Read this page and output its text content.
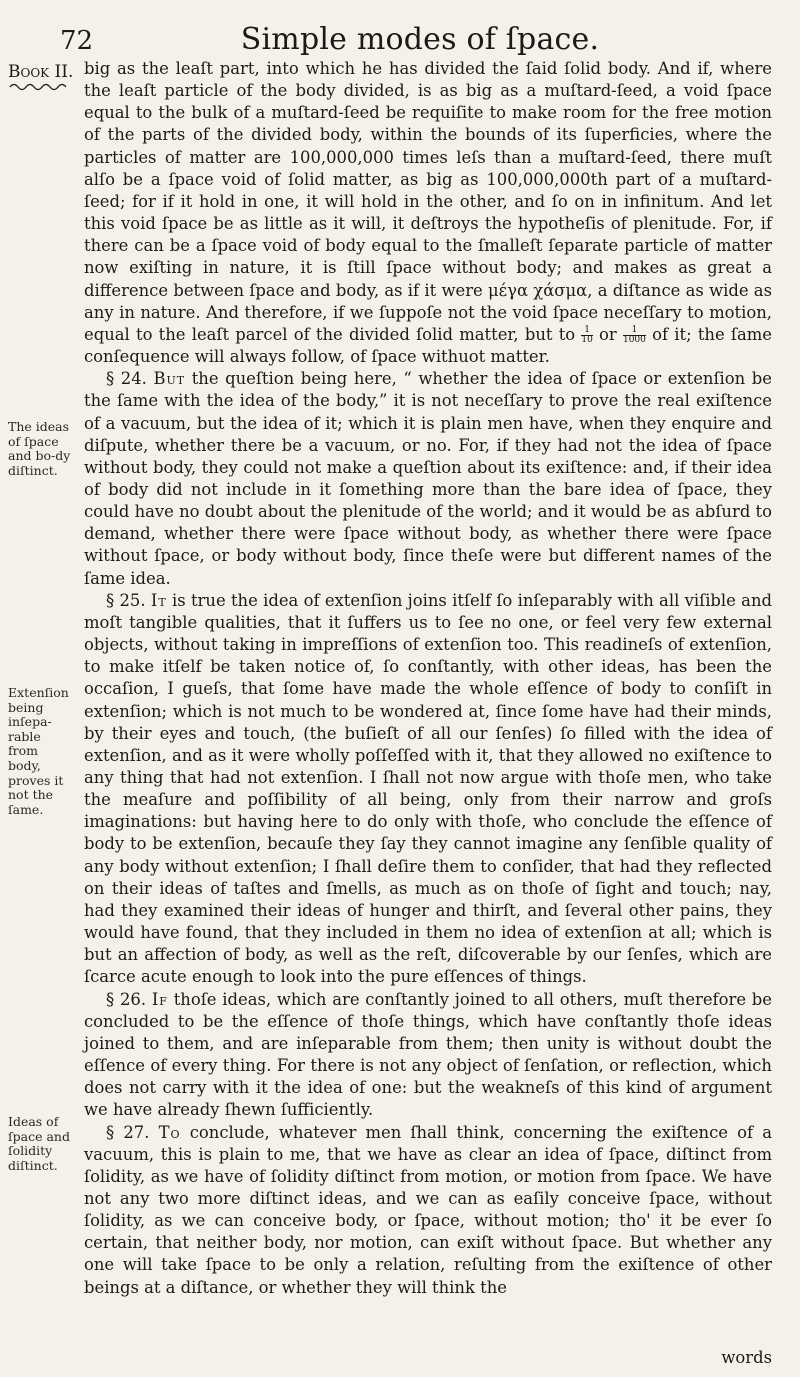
72	Simple modes of ſpace.
Book II.
The ideas of ſpace and bo-dy diſtinct.
Extenſion being inſepa-rable from body, proves it not the ſame.
Ideas of ſpace and ſolidity diſtinct.

big as the leaſt part, into which he has divided the ſaid ſolid body. And if, where the leaſt particle of the body divided, is as big as a muſtard-ſeed, a void ſpace equal to the bulk of a muſtard-ſeed be requiſite to make room for the free motion of the parts of the divided body, within the bounds of its ſuperficies, where the particles of matter are 100,000,000 times leſs than a muſtard-ſeed, there muſt alſo be a ſpace void of ſolid matter, as big as 100,000,000th part of a muſtard-ſeed; for if it hold in one, it will hold in the other, and ſo on in infinitum. And let this void ſpace be as little as it will, it deſtroys the hypotheſis of plenitude. For, if there can be a ſpace void of body equal to the ſmalleſt ſeparate particle of matter now exiſting in nature, it is ſtill ſpace without body; and makes as great a difference between ſpace and body, as if it were μέγα χάσμα, a diſtance as wide as any in nature. And therefore, if we ſuppoſe not the void ſpace neceſſary to motion, equal to the leaſt parcel of the divided ſolid matter, but to $\frac{1}{10}$ or $\frac{1}{1000}$ of it; the ſame conſequence will always follow, of ſpace withuot matter.

§ 24. But the queſtion being here, “ whether the idea of ſpace or extenſion be the ſame with the idea of the body,” it is not neceſſary to prove the real exiſtence of a vacuum, but the idea of it; which it is plain men have, when they enquire and diſpute, whether there be a vacuum, or no. For, if they had not the idea of ſpace without body, they could not make a queſtion about its exiſtence: and, if their idea of body did not include in it ſomething more than the bare idea of ſpace, they could have no doubt about the plenitude of the world; and it would be as abſurd to demand, whether there were ſpace without body, as whether there were ſpace without ſpace, or body without body, ſince theſe were but different names of the ſame idea.

§ 25. It is true the idea of extenſion joins itſelf ſo inſeparably with all viſible and moſt tangible qualities, that it ſuffers us to ſee no one, or feel very few external objects, without taking in impreſſions of extenſion too. This readineſs of extenſion, to make itſelf be taken notice of, ſo conſtantly, with other ideas, has been the occaſion, I gueſs, that ſome have made the whole eſſence of body to conſiſt in extenſion; which is not much to be wondered at, ſince ſome have had their minds, by their eyes and touch, (the buſieſt of all our ſenſes) ſo filled with the idea of extenſion, and as it were wholly poſſeſſed with it, that they allowed no exiſtence to any thing that had not extenſion. I ſhall not now argue with thoſe men, who take the meaſure and poſſibility of all being, only from their narrow and groſs imaginations: but having here to do only with thoſe, who conclude the eſſence of body to be extenſion, becauſe they ſay they cannot imagine any ſenſible quality of any body without extenſion; I ſhall deſire them to conſider, that had they reflected on their ideas of taſtes and ſmells, as much as on thoſe of ſight and touch; nay, had they examined their ideas of hunger and thirſt, and ſeveral other pains, they would have found, that they included in them no idea of extenſion at all; which is but an affection of body, as well as the reſt, diſcoverable by our ſenſes, which are ſcarce acute enough to look into the pure eſſences of things.

§ 26. If thoſe ideas, which are conſtantly joined to all others, muſt therefore be concluded to be the eſſence of thoſe things, which have conſtantly thoſe ideas joined to them, and are inſeparable from them; then unity is without doubt the eſſence of every thing. For there is not any object of ſenſation, or reflection, which does not carry with it the idea of one: but the weakneſs of this kind of argument we have already ſhewn ſufficiently.

§ 27. To conclude, whatever men ſhall think, concerning the exiſtence of a vacuum, this is plain to me, that we have as clear an idea of ſpace, diſtinct from ſolidity, as we have of ſolidity diſtinct from motion, or motion from ſpace. We have not any two more diſtinct ideas, and we can as eaſily conceive ſpace, without ſolidity, as we can conceive body, or ſpace, without motion; tho' it be ever ſo certain, that neither body, nor motion, can exiſt without ſpace. But whether any one will take ſpace to be only a relation, reſulting from the exiſtence of other beings at a diſtance, or whether they will think the

words
